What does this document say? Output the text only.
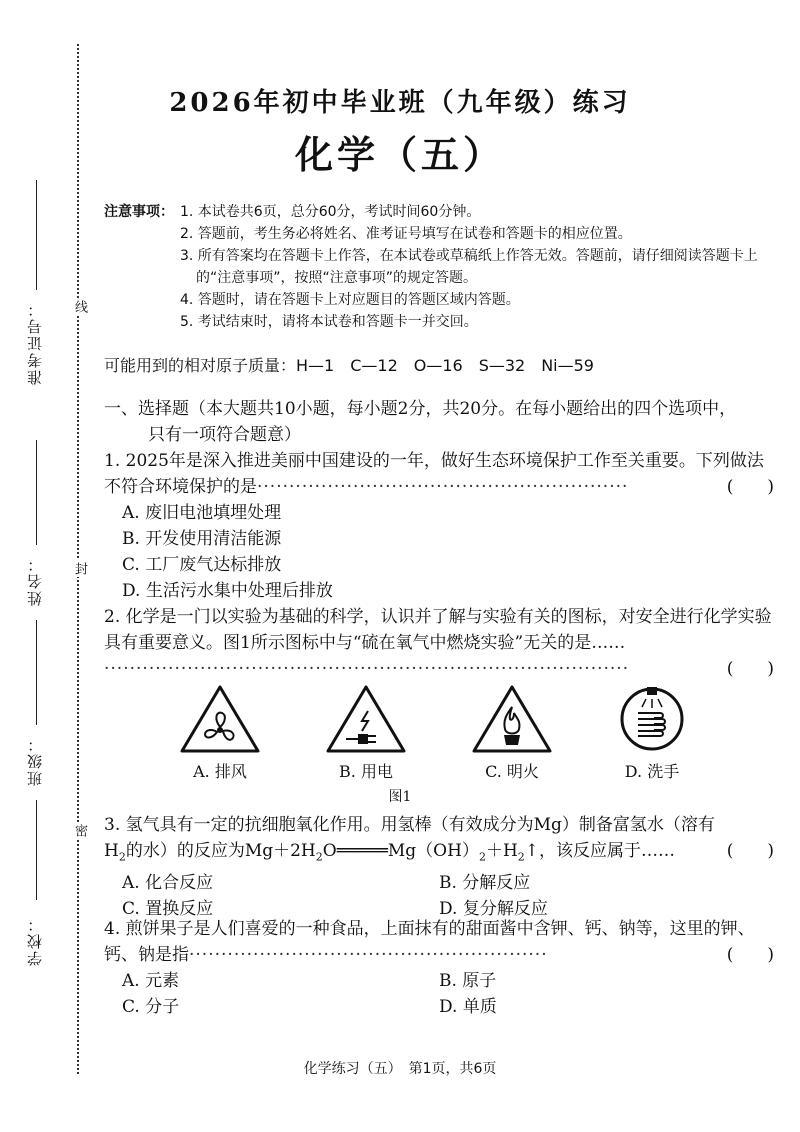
线
封
密
准考证号：
姓名：
班级：
学校：
2026年初中毕业班（九年级）练习
化学（五）
注意事项： 1. 本试卷共6页，总分60分，考试时间60分钟。
2. 答题前，考生务必将姓名、准考证号填写在试卷和答题卡的相应位置。
3. 所有答案均在答题卡上作答，在本试卷或草稿纸上作答无效。答题前，请仔细阅读答题卡上的“注意事项”，按照“注意事项”的规定答题。
4. 答题时，请在答题卡上对应题目的答题区域内答题。
5. 考试结束时，请将本试卷和答题卡一并交回。
可能用到的相对原子质量：H—1　C—12　O—16　S—32　Ni—59
一、选择题（本大题共10小题，每小题2分，共20分。在每小题给出的四个选项中，
只有一项符合题意）
1. 2025年是深入推进美丽中国建设的一年，做好生态环境保护工作至关重要。下列做法不符合环境保护的是··························································	(　　)
A. 废旧电池填埋处理
B. 开发使用清洁能源
C. 工厂废气达标排放
D. 生活污水集中处理后排放
2. 化学是一门以实验为基础的科学，认识并了解与实验有关的图标，对安全进行化学实验具有重要意义。图1所示图标中与“硫在氧气中燃烧实验”无关的是……
··················································································	(　　)
A. 排风	B. 用电	C. 明火	D. 洗手
图1
3. 氢气具有一定的抗细胞氧化作用。用氢棒（有效成分为Mg）制备富氢水（溶有
$H_2$的水）的反应为$Mg+2H_2O═════Mg(OH)_2+H_2↑$，该反应属于……	(　　)
A. 化合反应	B. 分解反应
C. 置换反应	D. 复分解反应
4. 煎饼果子是人们喜爱的一种食品，上面抹有的甜面酱中含钾、钙、钠等，这里的钾、钙、钠是指························································	(　　)
A. 元素	B. 原子
C. 分子	D. 单质
化学练习（五）　第1页，共6页
